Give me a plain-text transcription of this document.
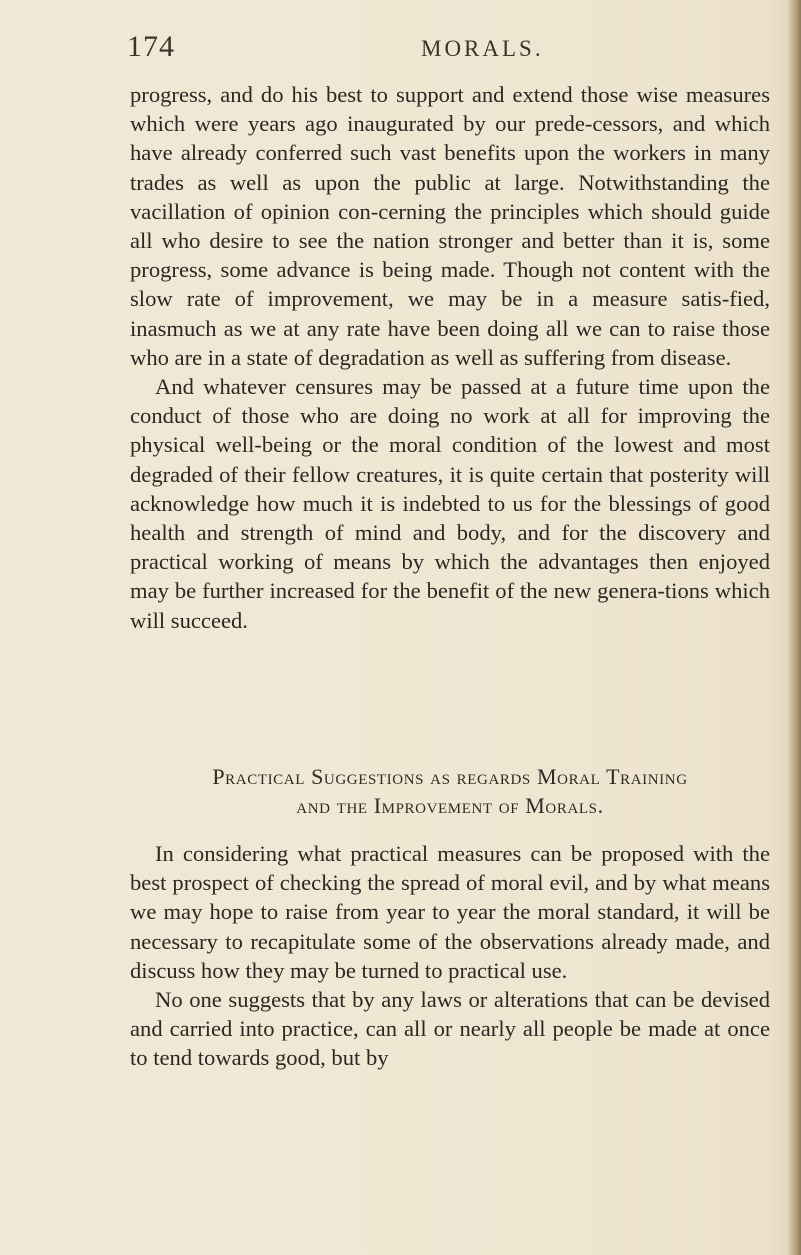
174	MORALS.

progress, and do his best to support and extend those wise measures which were years ago inaugurated by our prede-cessors, and which have already conferred such vast benefits upon the workers in many trades as well as upon the public at large. Notwithstanding the vacillation of opinion con-cerning the principles which should guide all who desire to see the nation stronger and better than it is, some progress, some advance is being made. Though not content with the slow rate of improvement, we may be in a measure satis-fied, inasmuch as we at any rate have been doing all we can to raise those who are in a state of degradation as well as suffering from disease.

And whatever censures may be passed at a future time upon the conduct of those who are doing no work at all for improving the physical well-being or the moral condition of the lowest and most degraded of their fellow creatures, it is quite certain that posterity will acknowledge how much it is indebted to us for the blessings of good health and strength of mind and body, and for the discovery and practical working of means by which the advantages then enjoyed may be further increased for the benefit of the new genera-tions which will succeed.

Practical Suggestions as regards Moral Training
and the Improvement of Morals.

In considering what practical measures can be proposed with the best prospect of checking the spread of moral evil, and by what means we may hope to raise from year to year the moral standard, it will be necessary to recapitulate some of the observations already made, and discuss how they may be turned to practical use.

No one suggests that by any laws or alterations that can be devised and carried into practice, can all or nearly all people be made at once to tend towards good, but by
